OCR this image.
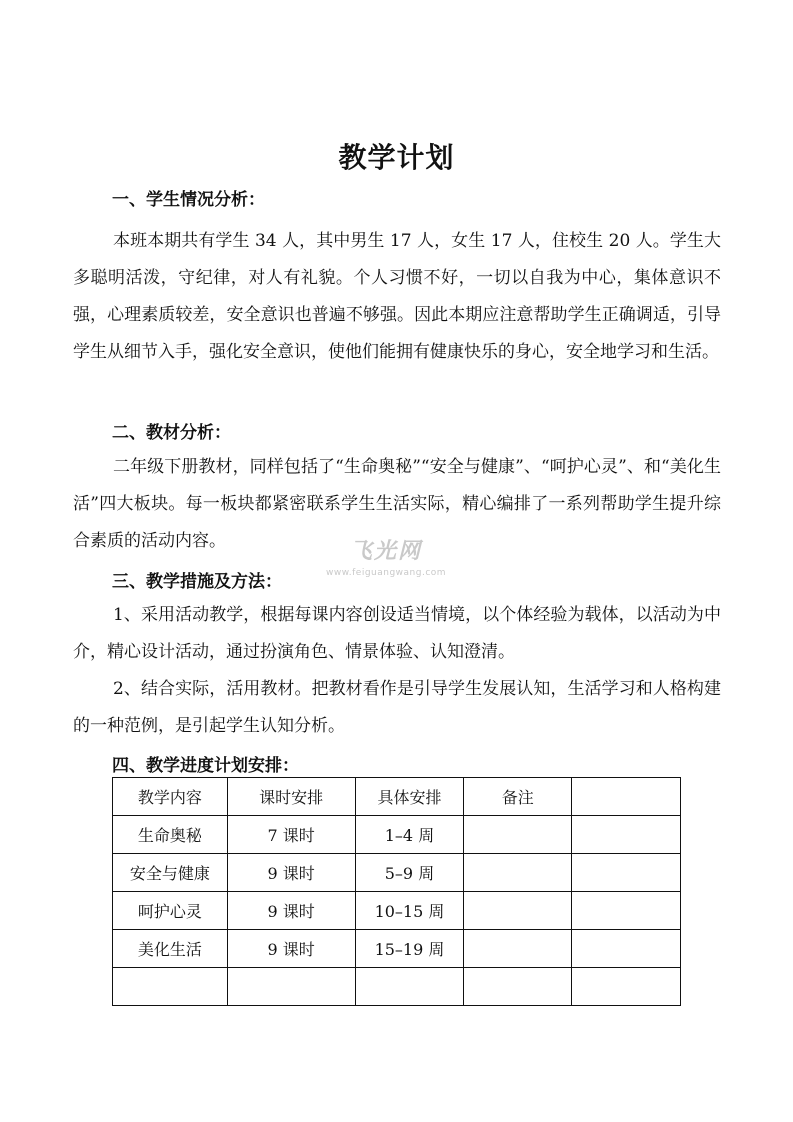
教学计划
一、学生情况分析：
本班本期共有学生 34 人，其中男生 17 人，女生 17 人，住校生 20 人。学生大多聪明活泼，守纪律，对人有礼貌。个人习惯不好，一切以自我为中心，集体意识不强，心理素质较差，安全意识也普遍不够强。因此本期应注意帮助学生正确调适，引导学生从细节入手，强化安全意识，使他们能拥有健康快乐的身心，安全地学习和生活。
二、教材分析：
二年级下册教材，同样包括了“生命奥秘”“安全与健康”、“呵护心灵”、和“美化生活”四大板块。每一板块都紧密联系学生生活实际，精心编排了一系列帮助学生提升综合素质的活动内容。	飞光网
www.feiguangwang.com
三、教学措施及方法：
1、采用活动教学，根据每课内容创设适当情境，以个体经验为载体，以活动为中介，精心设计活动，通过扮演角色、情景体验、认知澄清。
2、结合实际，活用教材。把教材看作是引导学生发展认知，生活学习和人格构建的一种范例，是引起学生认知分析。
四、教学进度计划安排：
教学内容	课时安排	具体安排	备注	
生命奥秘	7 课时	1–4 周		
安全与健康	9 课时	5–9 周		
呵护心灵	9 课时	10–15 周		
美化生活	9 课时	15–19 周		
